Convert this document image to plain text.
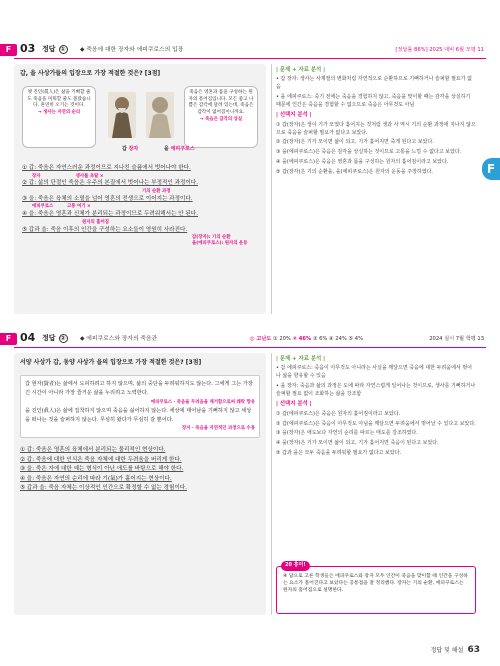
F 03 정답 ①	◆ 죽음에 대한 장자와 에피쿠로스의 입장	[정답률 86%] 2025 대비 6월 모평 11
갑, 을 사상가들의 입장으로 가장 적절한 것은? [3점]
옛 진인(眞人)은 삶을 기뻐할 줄도 죽음을 미워할 줄도 몰랐습니다. 흔연히 오기는 것이다.
→ 생사는 자연의 순리
죽음은 영혼과 몸을 구성하는 원자의 흩어짐입니다. 모든 좋고 나쁨은 감각에 달려 있는데, 죽음은 감각이 없어짐이니까요.
→ 죽음은 감각의 상실
갑 장자	을 에피쿠로스
① 갑: 죽음은 자연스러운 과정이므로 지나친 슬픔에서 벗어나야 한다.
장자	생사를 초탈 ×
② 갑: 삶의 단절인 죽음은 우주의 본질에서 벗어나는 부정적인 과정이다.
기의 순환 과정
③ 을: 죽음은 육체의 소멸을 넘어 영혼의 전생으로 이어지는 과정이다.
에피쿠로스	고통 여기 ×
④ 을: 죽음은 영혼과 신체가 분리되는 과정이므로 두려워해서는 안 된다.
원자의 흩어짐
⑤ 갑과 을: 죽음 이후의 인간을 구성하는 요소들이 영원히 사라진다.
갑(장자): 기의 순환
을(에피쿠로스): 원자의 운동
| 문제 + 자료 분석 |

• 갑 장자: 생사는 사계절의 변화처럼 자연적으로 순환하므로 기뻐하거나 슬퍼할 필요가 없음

• 을 에피쿠로스: 죽기 전에는 죽음을 경험하지 않고, 죽음을 맞이할 때는 감각을 상실하기 때문에 인간은 죽음을 경험할 수 없으므로 죽음은 아무것도 아님

| 선택지 분석 |

① 갑(장자)은 생이 기가 모였다 흩어지는 것처럼 생과 사 역시 기의 순환 과정에 지나지 않으므로 죽음을 슬퍼할 필요가 없다고 보았다.

② 갑(장자)은 기가 모이면 삶이 되고, 기가 흩어지면 죽게 된다고 보았다.

③ 을(에피쿠로스)은 죽음은 감각을 상실하는 것이므로 고통을 느낄 수 없다고 보았다.

④ 을(에피쿠로스)은 죽음은 영혼과 몸을 구성하는 원자의 흩어짐이라고 보았다.

⑤ 갑(장자)은 기의 순환을, 을(에피쿠로스)은 원자의 운동을 주장하였다.	F
F 04 정답 ②	◆ 에피쿠로스와 장자의 죽음관	◎ 고난도 ① 20% ② 46% ③ 6% ④ 24% ⑤ 4%	2024 실시 7월 학평 13
서양 사상가 갑, 동양 사상가 을의 입장으로 가장 적절한 것은? [3점]

갑 현자(賢者)는 삶에서 도피하려고 하지 않으며, 삶의 중단을 두려워하지도 않는다. 그에게 그는 가장 긴 시간이 아니라 가장 즐거운 삶을 누리려고 노력한다.

에피쿠로스 · 죽음을 두려움을 제거함으로써 쾌락 향유

을 진인(眞人)은 삶에 집착하지 않으며 죽음을 싫어하지 않는다. 세상에 태어남을 기뻐하지 않고 세상을 떠나는 것을 슬퍼하지 않는다. 무심히 왔다가 무심히 갈 뿐이다.

장자 · 죽음을 자연적인 과정으로 수용

① 갑: 죽음은 영혼의 육체에서 분리되는 물리적인 현상이다.
② 갑: 죽음에 대한 인식은 죽음 자체에 대한 두려움을 버리게 한다.
③ 을: 죽은 자에 대한 예는 형식이 아닌 애도를 바탕으로 해야 한다.
④ 을: 죽음은 자연의 순리에 따라 기(氣)가 흩어지는 현상이다.
⑤ 갑과 을: 죽음 자체는 이상적인 인간으로 확정할 수 없는 경험이다.
| 문제 + 자료 분석 |

• 갑 에피쿠로스: 죽음이 아무것도 아니라는 사실을 깨달으면 죽음에 대한 두려움에서 벗어나 삶을 향유할 수 있음

• 을 장자: 죽음과 삶의 과정은 도에 따라 자연스럽게 일어나는 것이므로, 생사를 기뻐하거나 슬퍼할 필요 없이 조화하는 삶을 강조함

| 선택지 분석 |

① 갑(에피쿠로스)은 죽음은 원자의 흩어짐이라고 보았다.

② 갑(에피쿠로스)은 죽음이 아무것도 아님을 깨달으면 두려움에서 벗어날 수 있다고 보았다.

③ 을(장자)은 애도보다 자연의 순리를 따르는 태도를 강조하였다.

④ 을(장자)은 기가 모이면 삶이 되고, 기가 흩어지면 죽음이 된다고 보았다.

⑤ 갑과 을은 모두 죽음을 두려워할 필요가 없다고 보았다.

20 흥미!
④ 답으로 고른 학생들은 에피쿠로스와 장자 모두 인간이 죽음을 맞이할 때 인간을 구성하는 요소가 흩어진다고 보았다는 공통점을 잘 정리했다. 장자는 기의 순환, 에피쿠로스는 원자의 흩어짐으로 설명한다.
정답 및 해설 63
